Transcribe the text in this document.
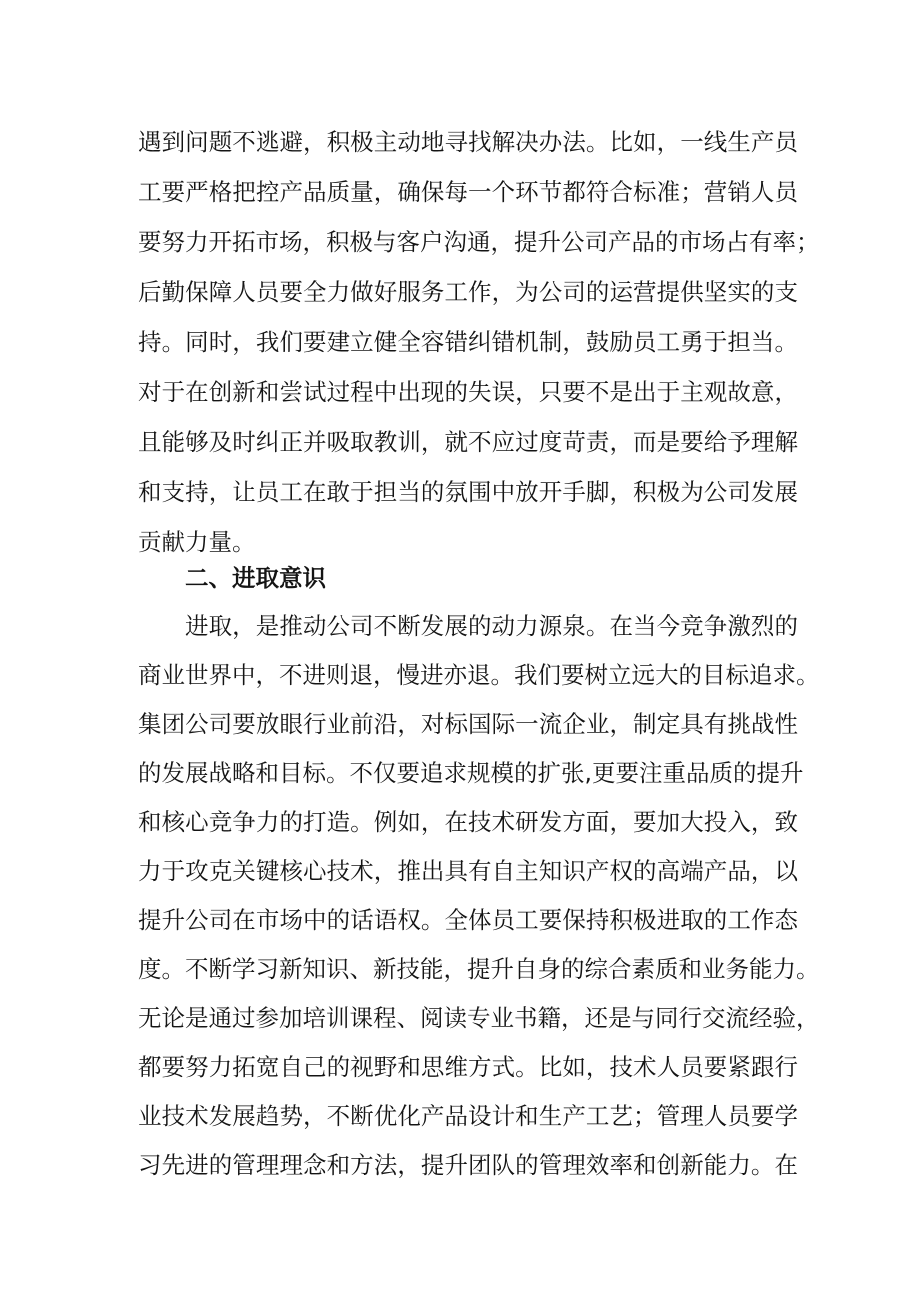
遇到问题不逃避，积极主动地寻找解决办法。比如，一线生产员
工要严格把控产品质量，确保每一个环节都符合标准；营销人员
要努力开拓市场，积极与客户沟通，提升公司产品的市场占有率；
后勤保障人员要全力做好服务工作，为公司的运营提供坚实的支
持。同时，我们要建立健全容错纠错机制，鼓励员工勇于担当。
对于在创新和尝试过程中出现的失误，只要不是出于主观故意，
且能够及时纠正并吸取教训，就不应过度苛责，而是要给予理解
和支持，让员工在敢于担当的氛围中放开手脚，积极为公司发展
贡献力量。
二、进取意识
进取，是推动公司不断发展的动力源泉。在当今竞争激烈的
商业世界中，不进则退，慢进亦退。我们要树立远大的目标追求。
集团公司要放眼行业前沿，对标国际一流企业，制定具有挑战性
的发展战略和目标。不仅要追求规模的扩张,更要注重品质的提升
和核心竞争力的打造。例如，在技术研发方面，要加大投入，致
力于攻克关键核心技术，推出具有自主知识产权的高端产品，以
提升公司在市场中的话语权。全体员工要保持积极进取的工作态
度。不断学习新知识、新技能，提升自身的综合素质和业务能力。
无论是通过参加培训课程、阅读专业书籍，还是与同行交流经验，
都要努力拓宽自己的视野和思维方式。比如，技术人员要紧跟行
业技术发展趋势，不断优化产品设计和生产工艺；管理人员要学
习先进的管理理念和方法，提升团队的管理效率和创新能力。在
